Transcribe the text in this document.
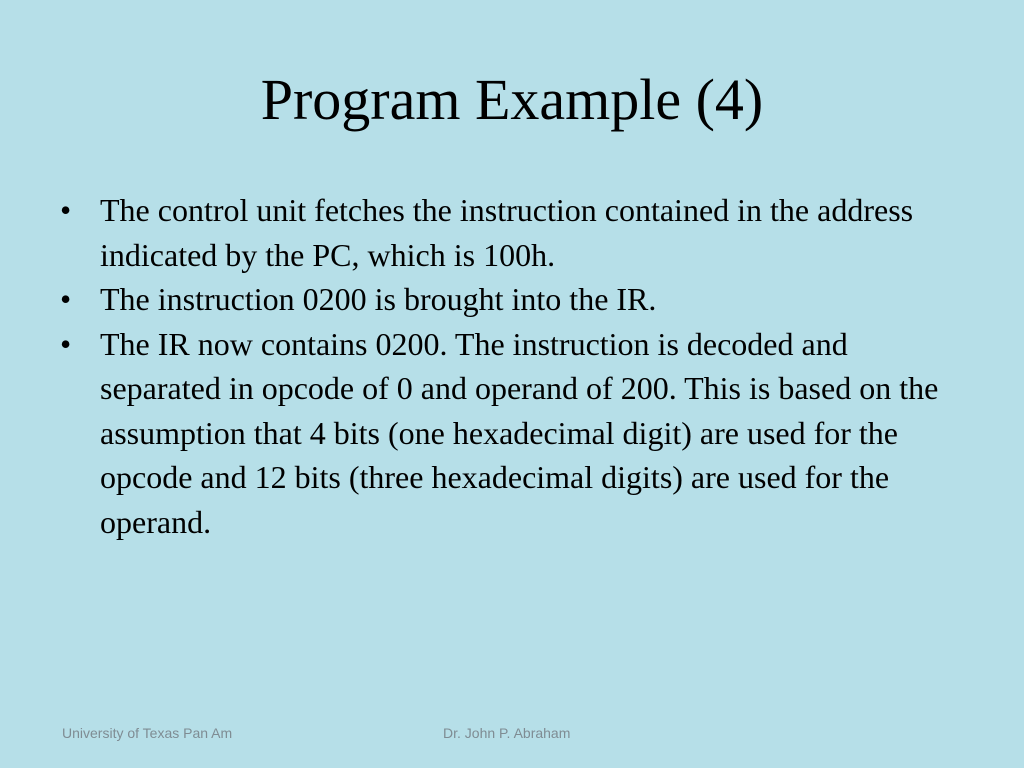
Program Example (4)
• The control unit fetches the instruction contained in the address indicated by the PC, which is 100h.
• The instruction 0200 is brought into the IR.
• The IR now contains 0200. The instruction is decoded and separated in opcode of 0 and operand of 200. This is based on the assumption that 4 bits (one hexadecimal digit) are used for the opcode and 12 bits (three hexadecimal digits) are used for the operand.
University of Texas Pan Am	Dr. John P. Abraham
